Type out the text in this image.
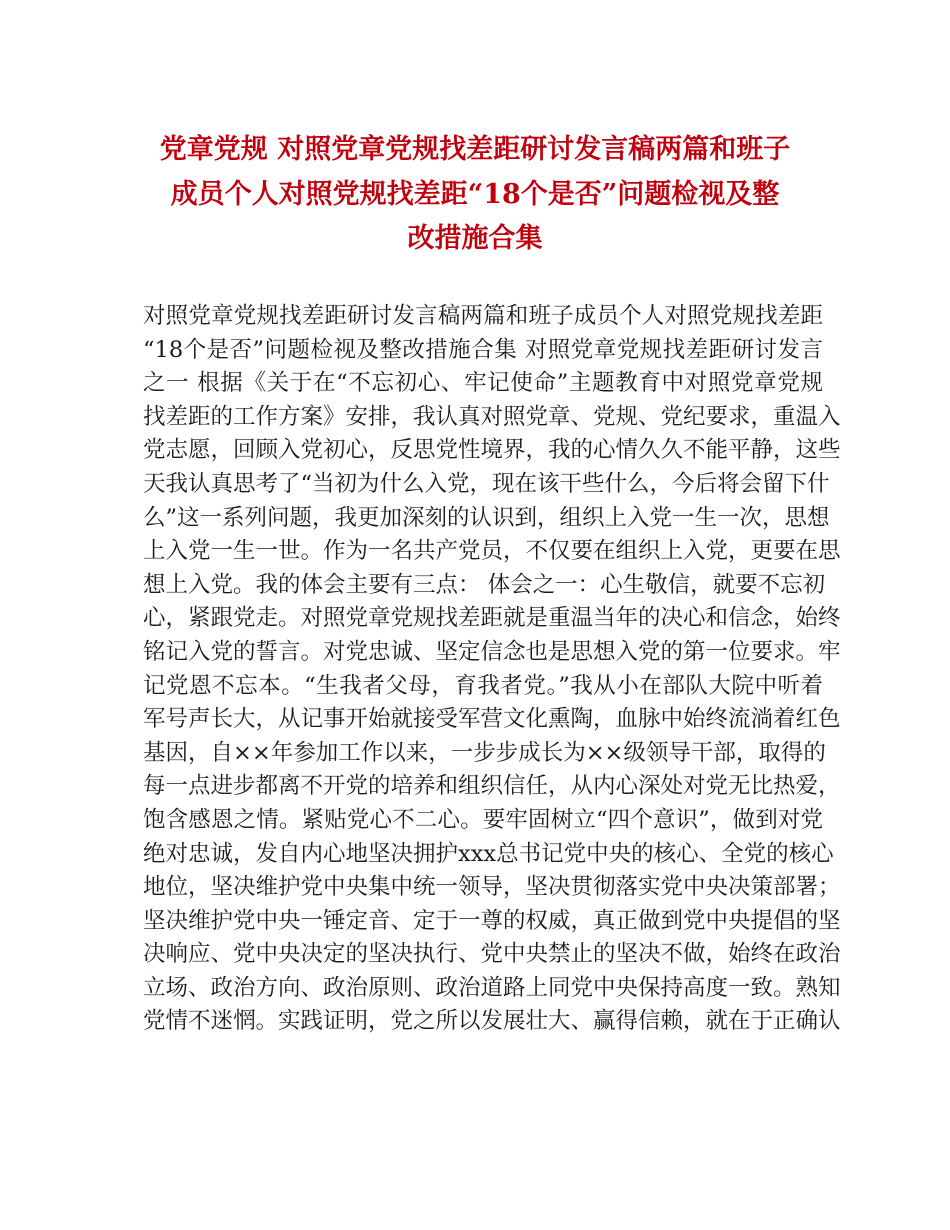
党章党规 对照党章党规找差距研讨发言稿两篇和班子
成员个人对照党规找差距“18个是否”问题检视及整
改措施合集
对照党章党规找差距研讨发言稿两篇和班子成员个人对照党规找差距
“18个是否”问题检视及整改措施合集 对照党章党规找差距研讨发言
之一 根据《关于在“不忘初心、牢记使命”主题教育中对照党章党规
找差距的工作方案》安排，我认真对照党章、党规、党纪要求，重温入
党志愿，回顾入党初心，反思党性境界，我的心情久久不能平静，这些
天我认真思考了“当初为什么入党，现在该干些什么，今后将会留下什
么”这一系列问题，我更加深刻的认识到，组织上入党一生一次，思想
上入党一生一世。作为一名共产党员，不仅要在组织上入党，更要在思
想上入党。我的体会主要有三点： 体会之一：心生敬信，就要不忘初
心，紧跟党走。对照党章党规找差距就是重温当年的决心和信念，始终
铭记入党的誓言。对党忠诚、坚定信念也是思想入党的第一位要求。牢
记党恩不忘本。“生我者父母，育我者党。”我从小在部队大院中听着
军号声长大，从记事开始就接受军营文化熏陶，血脉中始终流淌着红色
基因，自××年参加工作以来，一步步成长为××级领导干部，取得的
每一点进步都离不开党的培养和组织信任，从内心深处对党无比热爱，
饱含感恩之情。紧贴党心不二心。要牢固树立“四个意识”，做到对党
绝对忠诚，发自内心地坚决拥护xxx总书记党中央的核心、全党的核心
地位，坚决维护党中央集中统一领导，坚决贯彻落实党中央决策部署；
坚决维护党中央一锤定音、定于一尊的权威，真正做到党中央提倡的坚
决响应、党中央决定的坚决执行、党中央禁止的坚决不做，始终在政治
立场、政治方向、政治原则、政治道路上同党中央保持高度一致。熟知
党情不迷惘。实践证明，党之所以发展壮大、赢得信赖，就在于正确认
